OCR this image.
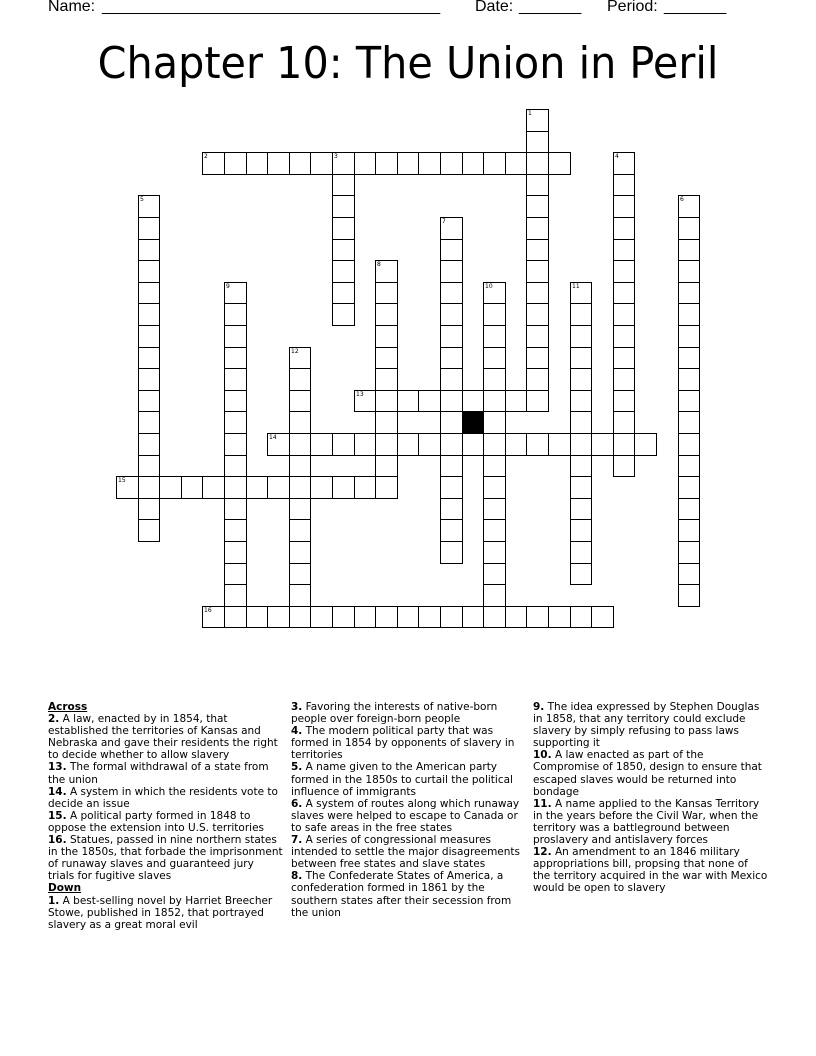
Name:

______________________________________

Date:

_______

Period:

_______

Chapter 10: The Union in Peril
1
2	3	4
5	6
7
8
9	10	11
12
13
14
15
16

Across

2. A law, enacted by in 1854, that established the territories of Kansas and Nebraska and gave their residents the right to decide whether to allow slavery

13. The formal withdrawal of a state from the union

14. A system in which the residents vote to decide an issue

15. A political party formed in 1848 to oppose the extension into U.S. territories

16. Statues, passed in nine northern states in the 1850s, that forbade the imprisonment of runaway slaves and guaranteed jury trials for fugitive slaves

Down

1. A best-selling novel by Harriet Breecher Stowe, published in 1852, that portrayed slavery as a great moral evil

3. Favoring the interests of native-born people over foreign-born people

4. The modern political party that was formed in 1854 by opponents of slavery in territories

5. A name given to the American party formed in the 1850s to curtail the political influence of immigrants

6. A system of routes along which runaway slaves were helped to escape to Canada or to safe areas in the free states

7. A series of congressional measures intended to settle the major disagreements between free states and slave states

8. The Confederate States of America, a confederation formed in 1861 by the southern states after their secession from the union

9. The idea expressed by Stephen Douglas in 1858, that any territory could exclude slavery by simply refusing to pass laws supporting it

10. A law enacted as part of the Compromise of 1850, design to ensure that escaped slaves would be returned into bondage

11. A name applied to the Kansas Territory in the years before the Civil War, when the territory was a battleground between proslavery and antislavery forces

12. An amendment to an 1846 military appropriations bill, propsing that none of the territory acquired in the war with Mexico would be open to slavery
